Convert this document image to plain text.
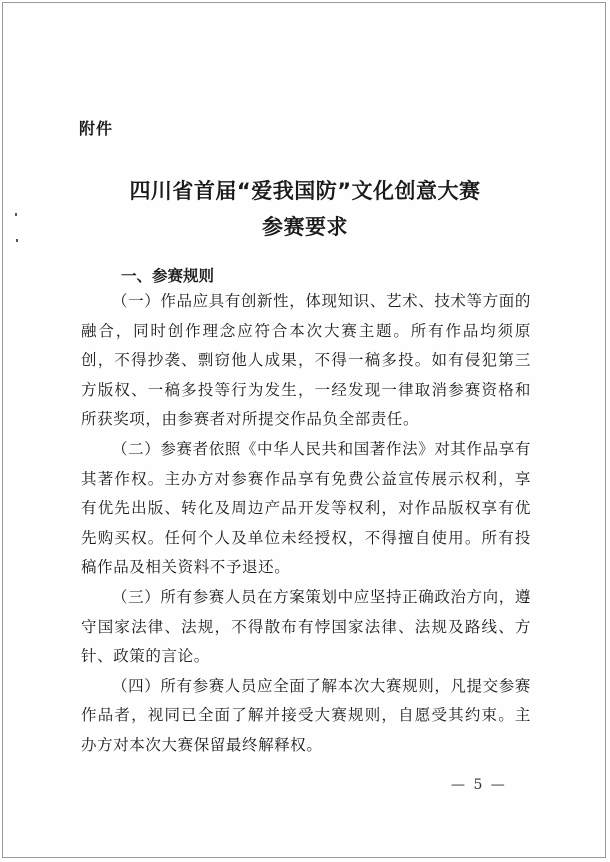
附件
四川省首届“爱我国防”文化创意大赛
参赛要求
一、参赛规则

（一）作品应具有创新性，体现知识、艺术、技术等方面的融合，同时创作理念应符合本次大赛主题。所有作品均须原创，不得抄袭、剽窃他人成果，不得一稿多投。如有侵犯第三方版权、一稿多投等行为发生，一经发现一律取消参赛资格和所获奖项，由参赛者对所提交作品负全部责任。

（二）参赛者依照《中华人民共和国著作法》对其作品享有其著作权。主办方对参赛作品享有免费公益宣传展示权利，享有优先出版、转化及周边产品开发等权利，对作品版权享有优先购买权。任何个人及单位未经授权，不得擅自使用。所有投稿作品及相关资料不予退还。

（三）所有参赛人员在方案策划中应坚持正确政治方向，遵守国家法律、法规，不得散布有悖国家法律、法规及路线、方针、政策的言论。

（四）所有参赛人员应全面了解本次大赛规则，凡提交参赛作品者，视同已全面了解并接受大赛规则，自愿受其约束。主办方对本次大赛保留最终解释权。

— 5 —
